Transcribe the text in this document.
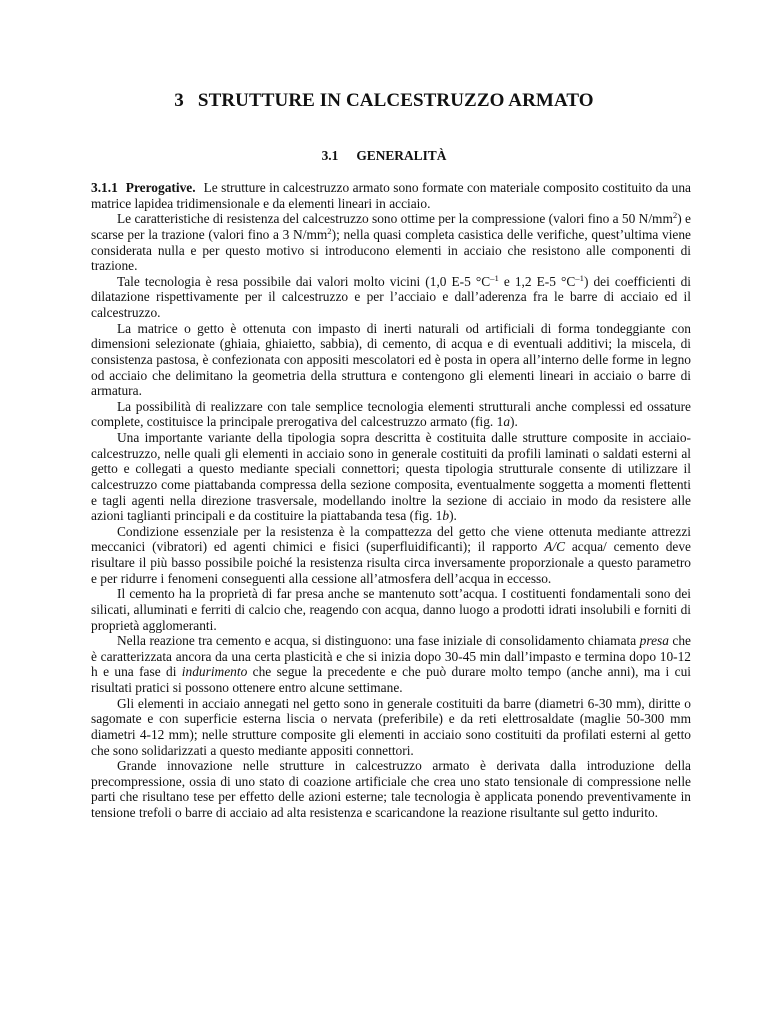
3 STRUTTURE IN CALCESTRUZZO ARMATO
3.1 GENERALITÀ

3.1.1 Prerogative. Le strutture in calcestruzzo armato sono formate con materiale composito costituito da una matrice lapidea tridimensionale e da elementi lineari in acciaio.

Le caratteristiche di resistenza del calcestruzzo sono ottime per la compressione (valori fino a 50 $N/mm^2$) e scarse per la trazione (valori fino a 3 $N/mm^2$); nella quasi completa casistica delle verifiche, quest’ultima viene considerata nulla e per questo motivo si introducono elementi in acciaio che resistono alle componenti di trazione.

Tale tecnologia è resa possibile dai valori molto vicini (1,0 E-5 $^\circ C^{-1}$ e 1,2 E-5 $^\circ C^{-1}$) dei coefficienti di dilatazione rispettivamente per il calcestruzzo e per l’acciaio e dall’aderenza fra le barre di acciaio ed il calcestruzzo.

La matrice o getto è ottenuta con impasto di inerti naturali od artificiali di forma tondeggiante con dimensioni selezionate (ghiaia, ghiaietto, sabbia), di cemento, di acqua e di eventuali additivi; la miscela, di consistenza pastosa, è confezionata con appositi mescolatori ed è posta in opera all’interno delle forme in legno od acciaio che delimitano la geometria della struttura e contengono gli elementi lineari in acciaio o barre di armatura.

La possibilità di realizzare con tale semplice tecnologia elementi strutturali anche complessi ed ossature complete, costituisce la principale prerogativa del calcestruzzo armato (fig. 1a).

Una importante variante della tipologia sopra descritta è costituita dalle strutture composite in acciaio-calcestruzzo, nelle quali gli elementi in acciaio sono in generale costituiti da profili laminati o saldati esterni al getto e collegati a questo mediante speciali connettori; questa tipologia strutturale consente di utilizzare il calcestruzzo come piattabanda compressa della sezione composita, eventualmente soggetta a momenti flettenti e tagli agenti nella direzione trasversale, modellando inoltre la sezione di acciaio in modo da resistere alle azioni taglianti principali e da costituire la piattabanda tesa (fig. 1b).

Condizione essenziale per la resistenza è la compattezza del getto che viene ottenuta mediante attrezzi meccanici (vibratori) ed agenti chimici e fisici (superfluidificanti); il rapporto A/C acqua/ cemento deve risultare il più basso possibile poiché la resistenza risulta circa inversamente proporzionale a questo parametro e per ridurre i fenomeni conseguenti alla cessione all’atmosfera dell’acqua in eccesso.

Il cemento ha la proprietà di far presa anche se mantenuto sott’acqua. I costituenti fondamentali sono dei silicati, alluminati e ferriti di calcio che, reagendo con acqua, danno luogo a prodotti idrati insolubili e forniti di proprietà agglomeranti.

Nella reazione tra cemento e acqua, si distinguono: una fase iniziale di consolidamento chiamata presa che è caratterizzata ancora da una certa plasticità e che si inizia dopo 30-45 min dall’impasto e termina dopo 10-12 h e una fase di indurimento che segue la precedente e che può durare molto tempo (anche anni), ma i cui risultati pratici si possono ottenere entro alcune settimane.

Gli elementi in acciaio annegati nel getto sono in generale costituiti da barre (diametri 6-30 mm), diritte o sagomate e con superficie esterna liscia o nervata (preferibile) e da reti elettrosaldate (maglie 50-300 mm diametri 4-12 mm); nelle strutture composite gli elementi in acciaio sono costituiti da profilati esterni al getto che sono solidarizzati a questo mediante appositi connettori.

Grande innovazione nelle strutture in calcestruzzo armato è derivata dalla introduzione della precompressione, ossia di uno stato di coazione artificiale che crea uno stato tensionale di compressione nelle parti che risultano tese per effetto delle azioni esterne; tale tecnologia è applicata ponendo preventivamente in tensione trefoli o barre di acciaio ad alta resistenza e scaricandone la reazione risultante sul getto indurito.
